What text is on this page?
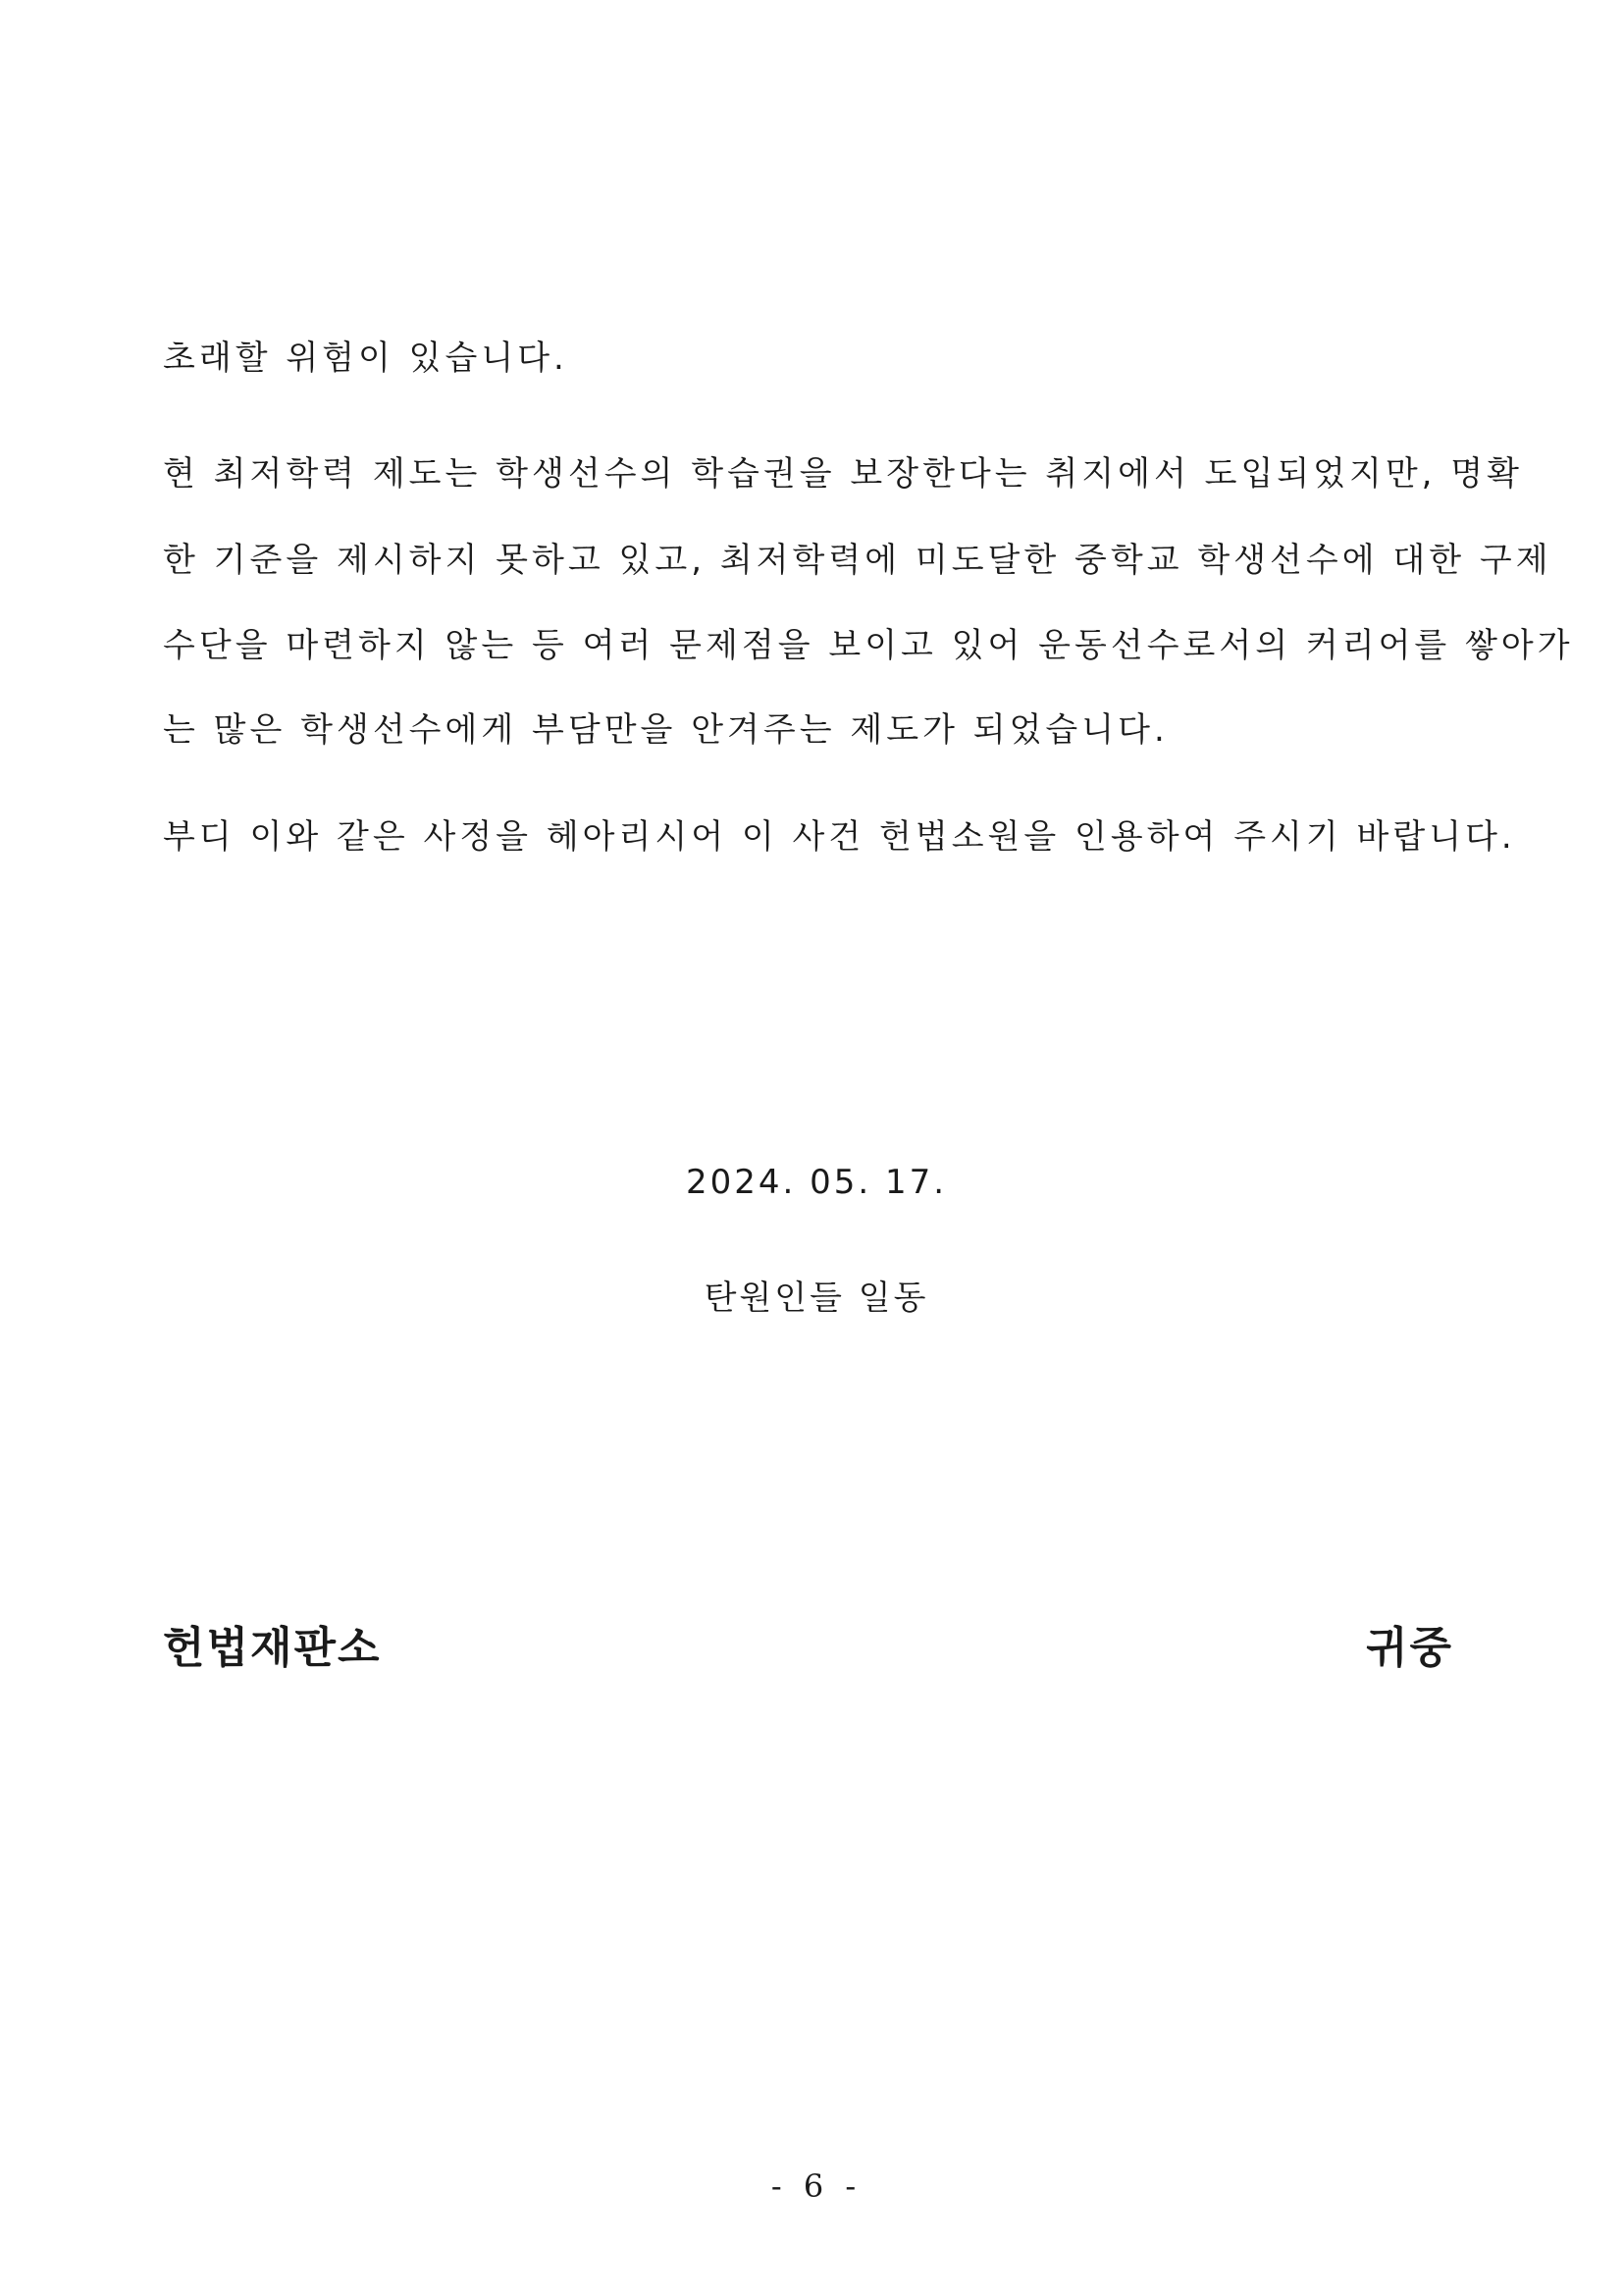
초래할 위험이 있습니다.
현 최저학력 제도는 학생선수의 학습권을 보장한다는 취지에서 도입되었지만, 명확
한 기준을 제시하지 못하고 있고, 최저학력에 미도달한 중학교 학생선수에 대한 구제
수단을 마련하지 않는 등 여러 문제점을 보이고 있어 운동선수로서의 커리어를 쌓아가
는 많은 학생선수에게 부담만을 안겨주는 제도가 되었습니다.
부디 이와 같은 사정을 헤아리시어 이 사건 헌법소원을 인용하여 주시기 바랍니다.
2024. 05. 17.
탄원인들 일동
헌법재판소	귀중
- 6 -
